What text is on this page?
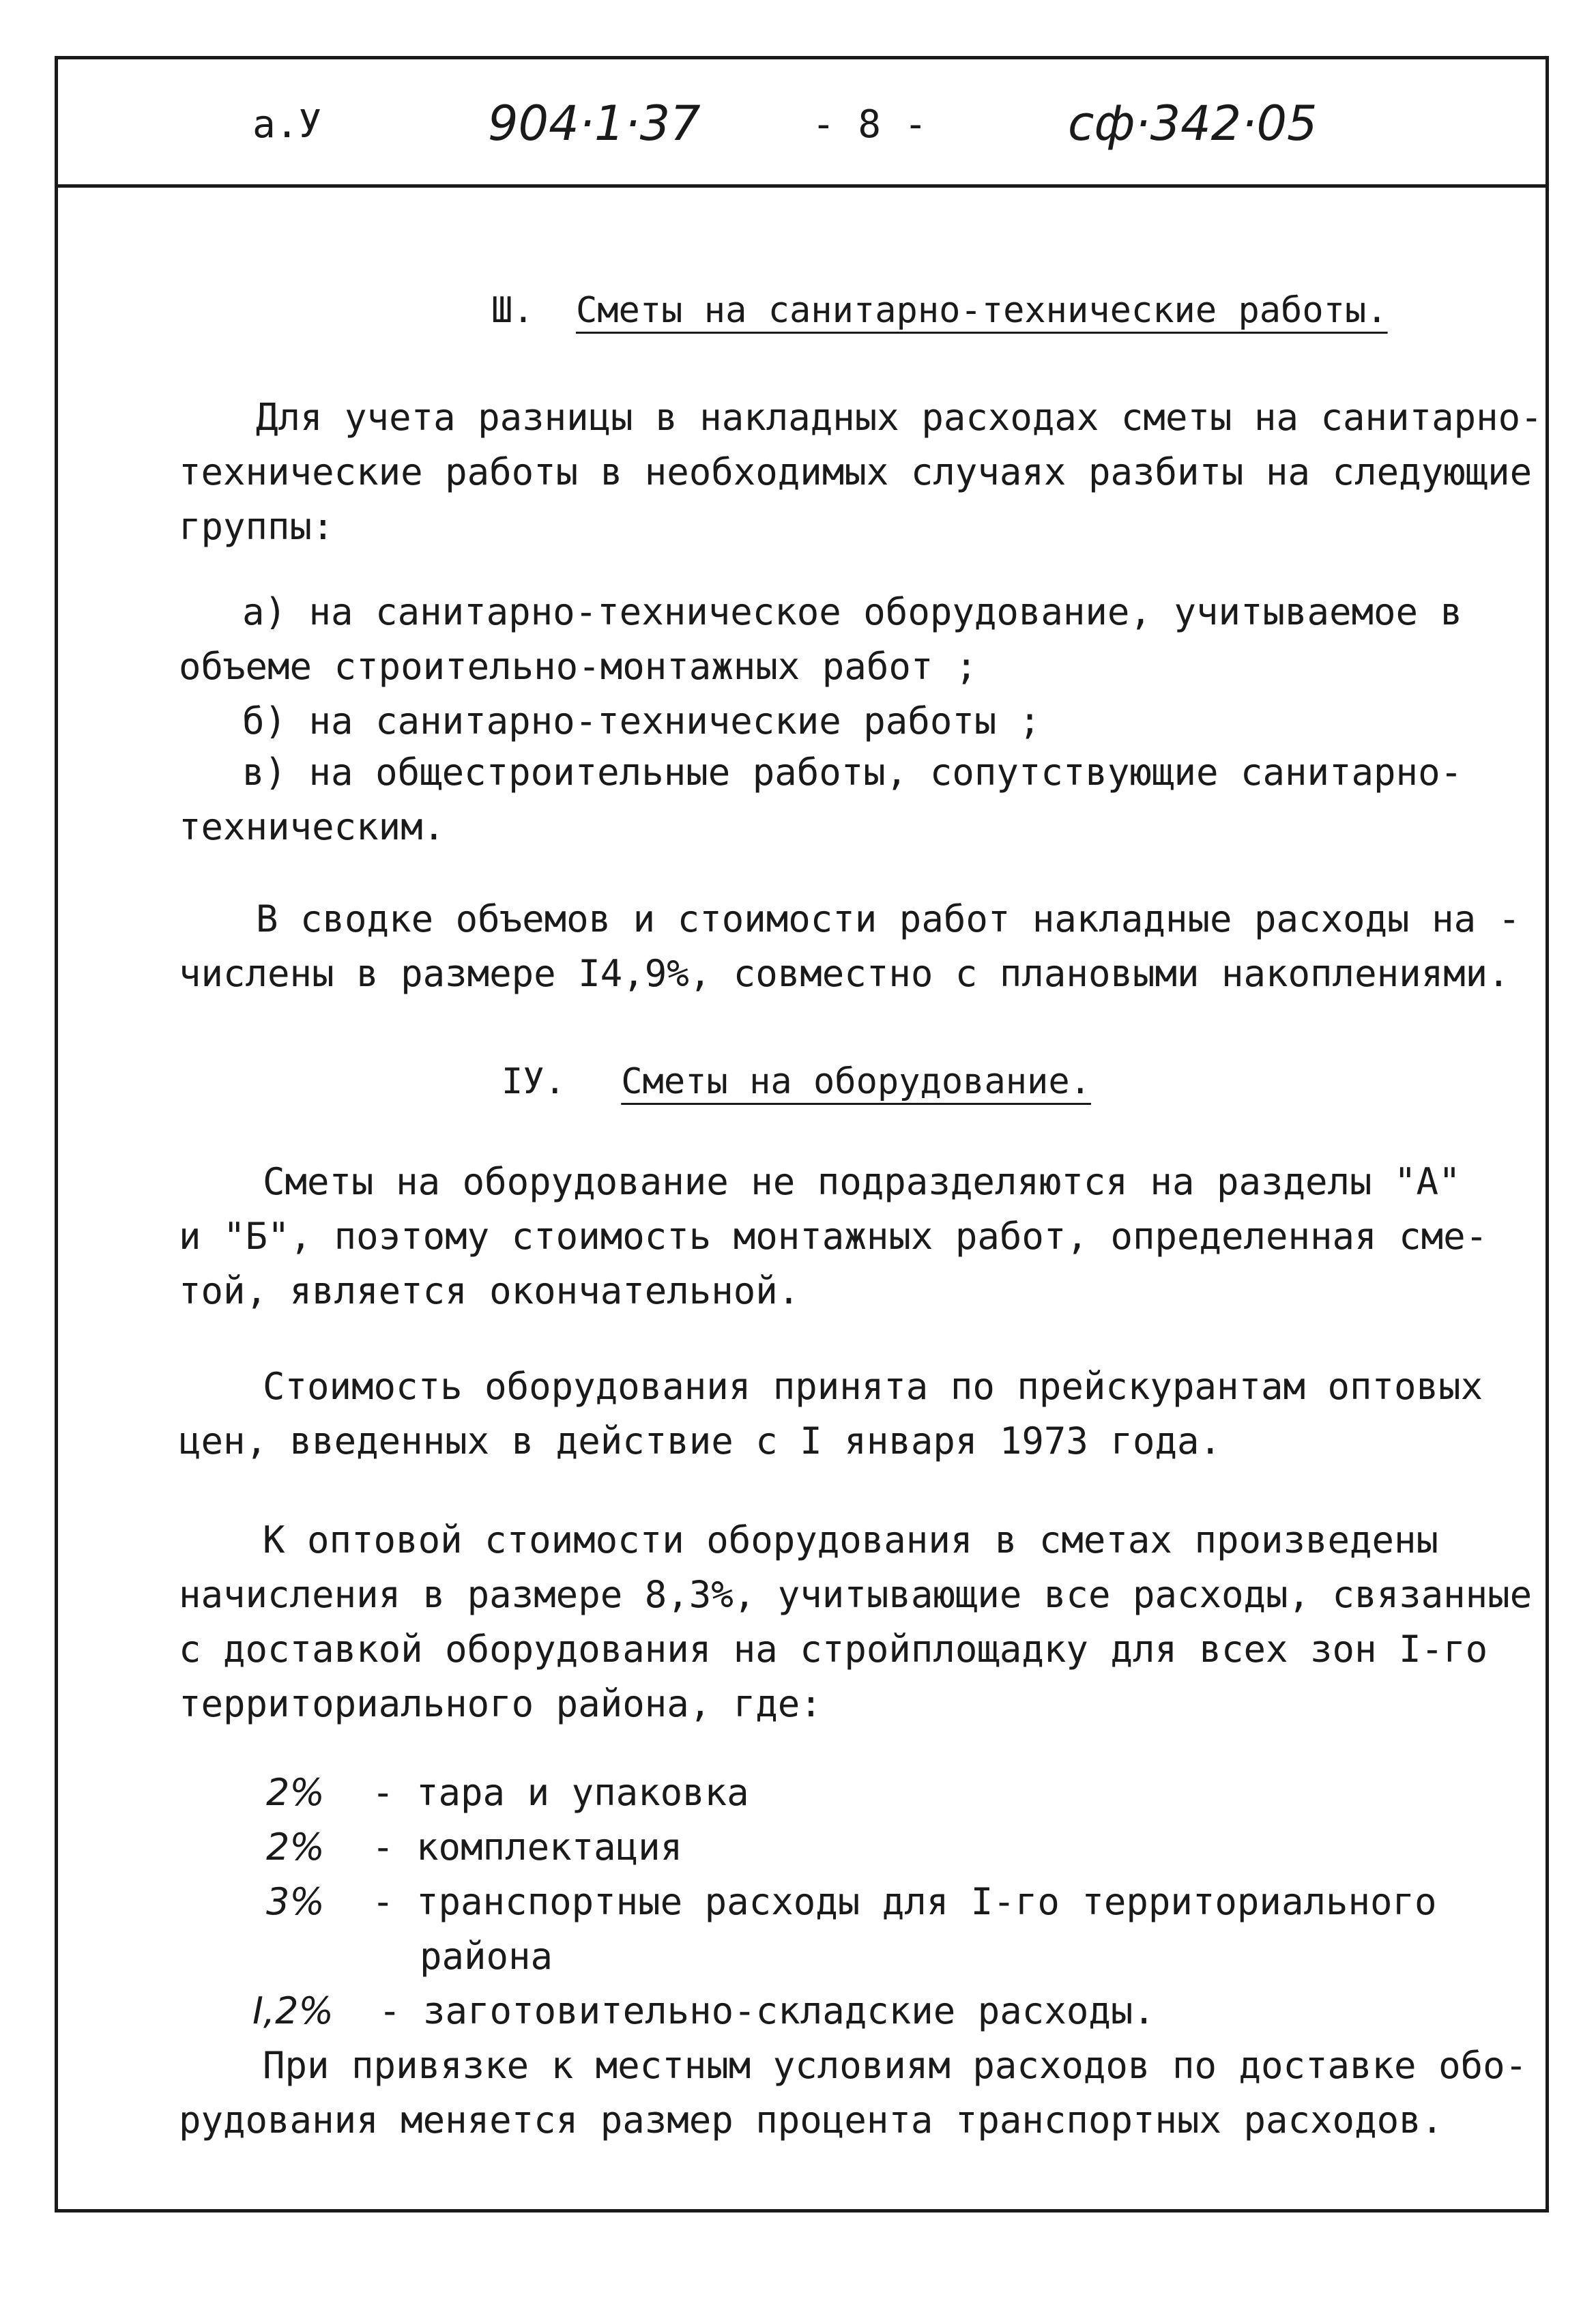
а.У	904·1·37	- 8 -	сф·342·05
Ш. Сметы на санитарно-технические работы.
Для учета разницы в накладных расходах сметы на санитарно-
технические работы в необходимых случаях разбиты на следующие
группы:
а) на санитарно-техническое оборудование, учитываемое в
объеме строительно-монтажных работ ;
б) на санитарно-технические работы ;
в) на общестроительные работы, сопутствующие санитарно-
техническим.
В сводке объемов и стоимости работ накладные расходы на -
числены в размере I4,9%, совместно с плановыми накоплениями.
IУ. Сметы на оборудование.
Сметы на оборудование не подразделяются на разделы "А"
и "Б", поэтому стоимость монтажных работ, определенная сме-
той, является окончательной.
Стоимость оборудования принята по прейскурантам оптовых
цен, введенных в действие с I января 1973 года.
К оптовой стоимости оборудования в сметах произведены
начисления в размере 8,3%, учитывающие все расходы, связанные
с доставкой оборудования на стройплощадку для всех зон I-го
территориального района, где:
2% - тара и упаковка
2% - комплектация
3% - транспортные расходы для I-го территориального
района
I,2% - заготовительно-складские расходы.
При привязке к местным условиям расходов по доставке обо-
рудования меняется размер процента транспортных расходов.
